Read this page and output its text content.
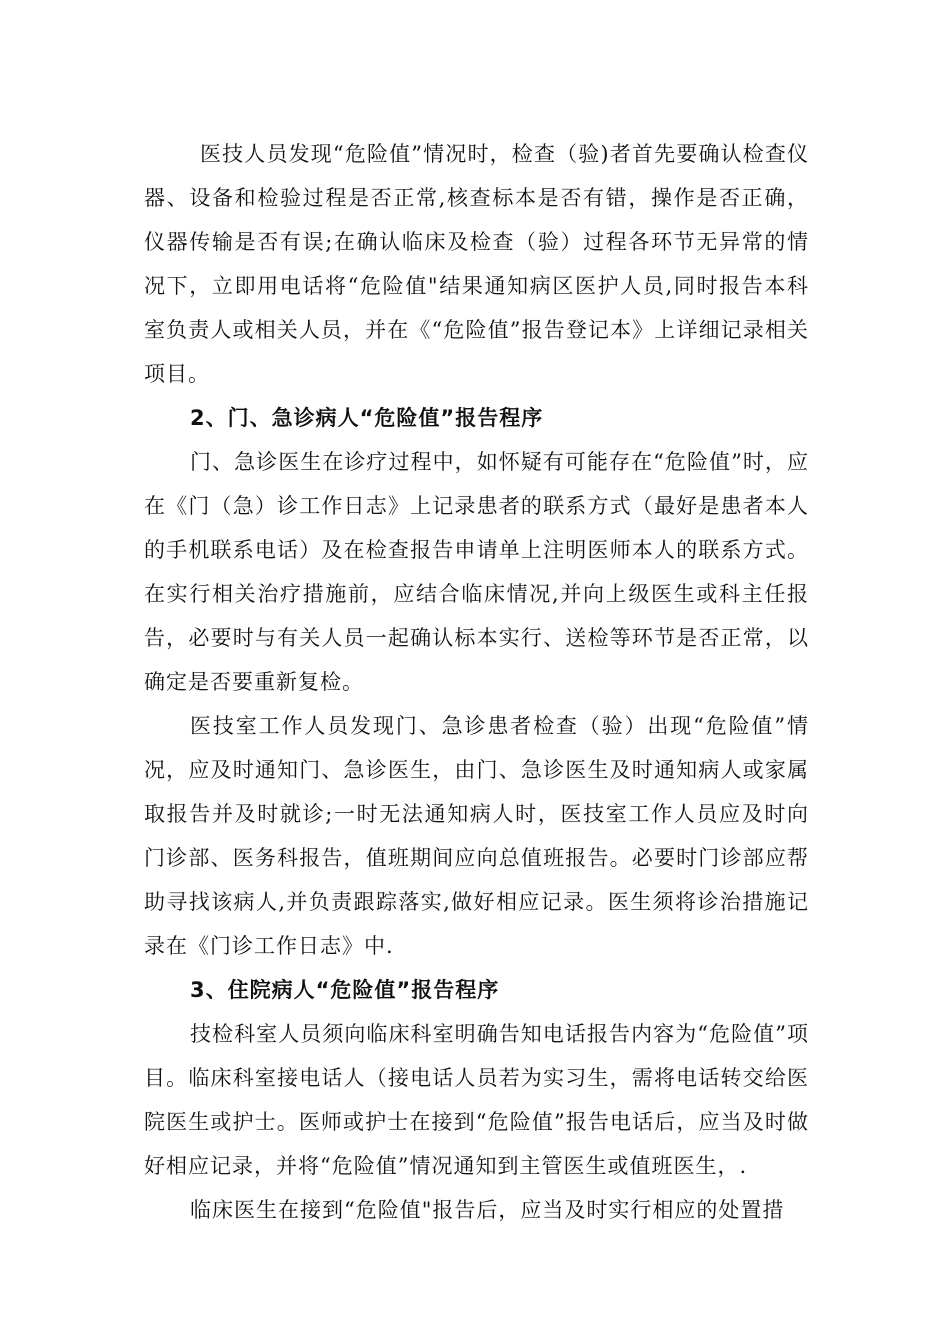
医技人员发现“危险值”情况时，检查（验)者首先要确认检查仪器、设备和检验过程是否正常,核查标本是否有错，操作是否正确，仪器传输是否有误;在确认临床及检查（验）过程各环节无异常的情况下，立即用电话将“危险值"结果通知病区医护人员,同时报告本科室负责人或相关人员，并在《“危险值”报告登记本》上详细记录相关项目。

2、门、急诊病人“危险值”报告程序

门、急诊医生在诊疗过程中，如怀疑有可能存在“危险值”时，应在《门（急）诊工作日志》上记录患者的联系方式（最好是患者本人的手机联系电话）及在检查报告申请单上注明医师本人的联系方式。在实行相关治疗措施前，应结合临床情况,并向上级医生或科主任报告，必要时与有关人员一起确认标本实行、送检等环节是否正常，以确定是否要重新复检。

医技室工作人员发现门、急诊患者检查（验）出现“危险值”情况，应及时通知门、急诊医生，由门、急诊医生及时通知病人或家属取报告并及时就诊;一时无法通知病人时，医技室工作人员应及时向门诊部、医务科报告，值班期间应向总值班报告。必要时门诊部应帮助寻找该病人,并负责跟踪落实,做好相应记录。医生须将诊治措施记录在《门诊工作日志》中.

3、住院病人“危险值”报告程序

技检科室人员须向临床科室明确告知电话报告内容为“危险值”项目。临床科室接电话人（接电话人员若为实习生，需将电话转交给医院医生或护士。医师或护士在接到“危险值”报告电话后，应当及时做好相应记录，并将“危险值”情况通知到主管医生或值班医生，.

临床医生在接到“危险值"报告后，应当及时实行相应的处置措
